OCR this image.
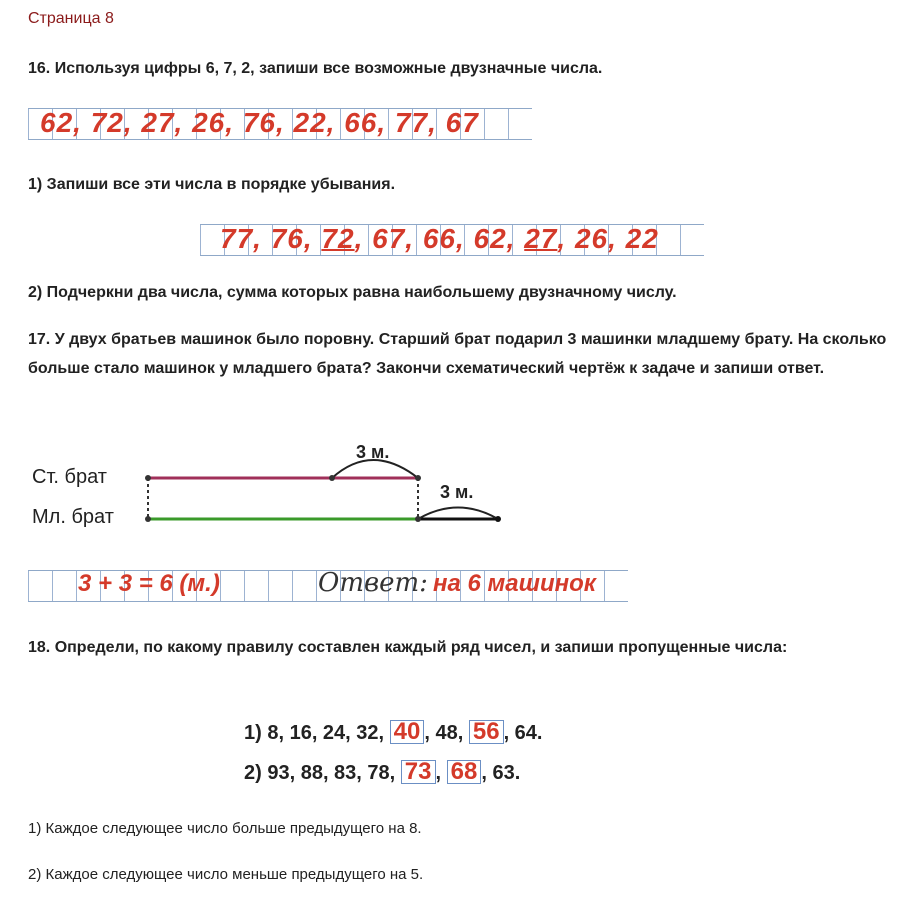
Страница 8
16. Используя цифры 6, 7, 2, запиши все возможные двузначные числа.
62, 72, 27, 26, 76, 22, 66, 77, 67
1) Запиши все эти числа в порядке убывания.
77, 76, 72, 67, 66, 62, 27, 26, 22
2) Подчеркни два числа, сумма которых равна наибольшему двузначному числу.
17. У двух братьев машинок было поровну. Старший брат подарил 3 машинки младшему брату. На сколько больше стало машинок у младшего брата? Закончи схематический чертёж к задаче и запиши ответ.
Ст. брат
Мл. брат
3 м.
3 м.
3 + 3 = 6 (м.)	Ответ: на 6 машинок
18. Определи, по какому правилу составлен каждый ряд чисел, и запиши пропущенные числа:
1) 8, 16, 24, 32, 40 , 48, 56 , 64.
2) 93, 88, 83, 78, 73 , 68 , 63.
1) Каждое следующее число больше предыдущего на 8.
2) Каждое следующее число меньше предыдущего на 5.
